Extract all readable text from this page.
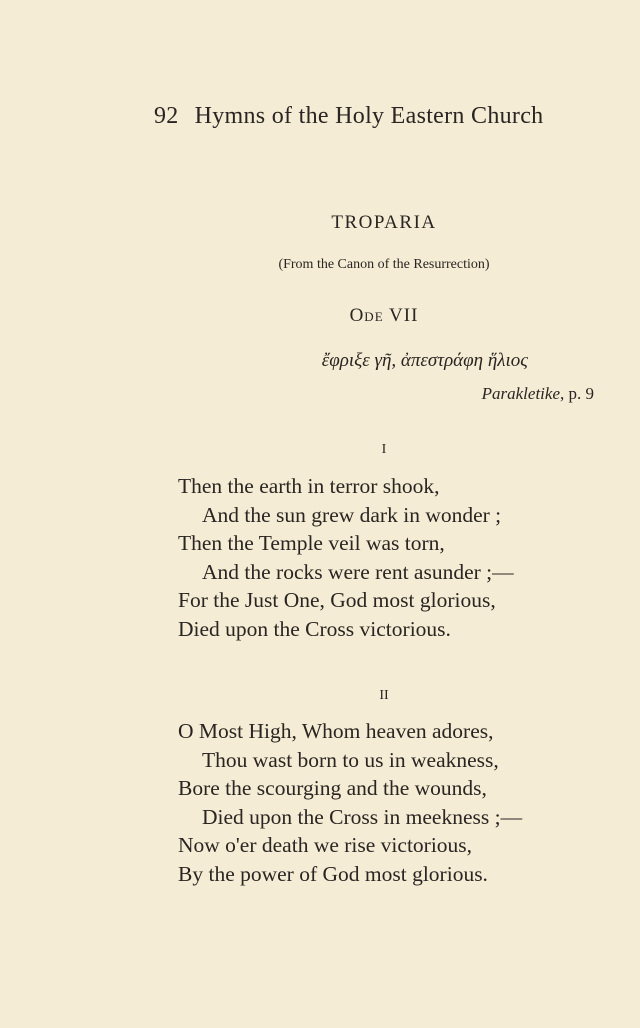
92 Hymns of the Holy Eastern Church
TROPARIA
(From the Canon of the Resurrection)
Ode VII
ἔφριξε γῆ, ἀπεστράφη ἥλιος
Parakletike, p. 9
I
Then the earth in terror shook,
And the sun grew dark in wonder ;
Then the Temple veil was torn,
And the rocks were rent asunder ;—
For the Just One, God most glorious,
Died upon the Cross victorious.
II
O Most High, Whom heaven adores,
Thou wast born to us in weakness,
Bore the scourging and the wounds,
Died upon the Cross in meekness ;—
Now o'er death we rise victorious,
By the power of God most glorious.
